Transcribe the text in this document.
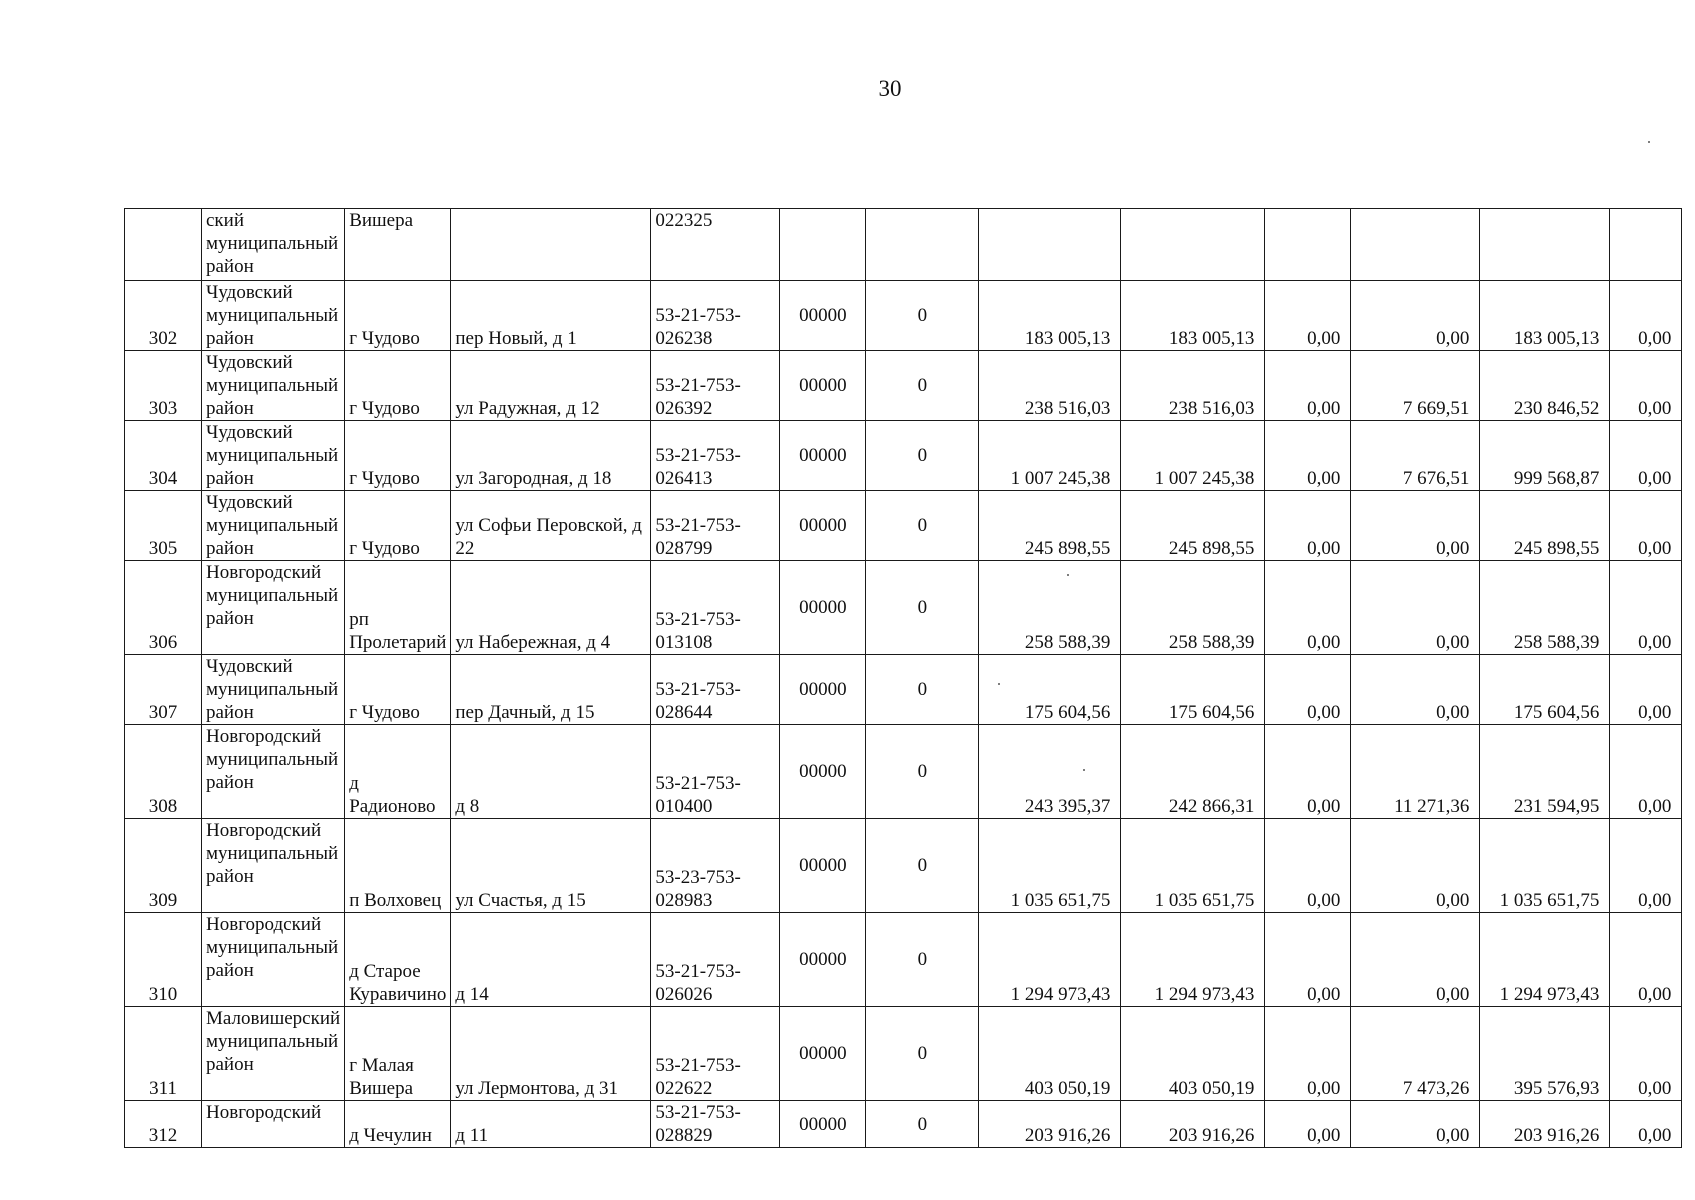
30
	ский муниципальный район	Вишера		022325								
302	Чудовский муниципальный район	г Чудово	пер Новый, д 1	53-21-753-026238	00000	0	183 005,13	183 005,13	0,00	0,00	183 005,13	0,00
303	Чудовский муниципальный район	г Чудово	ул Радужная, д 12	53-21-753-026392	00000	0	238 516,03	238 516,03	0,00	7 669,51	230 846,52	0,00
304	Чудовский муниципальный район	г Чудово	ул Загородная, д 18	53-21-753-026413	00000	0	1 007 245,38	1 007 245,38	0,00	7 676,51	999 568,87	0,00
305	Чудовский муниципальный район	г Чудово	ул Софьи Перовской, д 22	53-21-753-028799	00000	0	245 898,55	245 898,55	0,00	0,00	245 898,55	0,00
306	Новгородский муниципальный район	рп Пролетарий	ул Набережная, д 4	53-21-753-013108	00000	0	258 588,39	258 588,39	0,00	0,00	258 588,39	0,00
307	Чудовский муниципальный район	г Чудово	пер Дачный, д 15	53-21-753-028644	00000	0	175 604,56	175 604,56	0,00	0,00	175 604,56	0,00
308	Новгородский муниципальный район	д Радионово	д 8	53-21-753-010400	00000	0	243 395,37	242 866,31	0,00	11 271,36	231 594,95	0,00
309	Новгородский муниципальный район	п Волховец	ул Счастья, д 15	53-23-753-028983	00000	0	1 035 651,75	1 035 651,75	0,00	0,00	1 035 651,75	0,00
310	Новгородский муниципальный район	д Старое Куравичино	д 14	53-21-753-026026	00000	0	1 294 973,43	1 294 973,43	0,00	0,00	1 294 973,43	0,00
311	Маловишерский муниципальный район	г Малая Вишера	ул Лермонтова, д 31	53-21-753-022622	00000	0	403 050,19	403 050,19	0,00	7 473,26	395 576,93	0,00
312	Новгородский	д Чечулин	д 11	53-21-753-028829	00000	0	203 916,26	203 916,26	0,00	0,00	203 916,26	0,00
